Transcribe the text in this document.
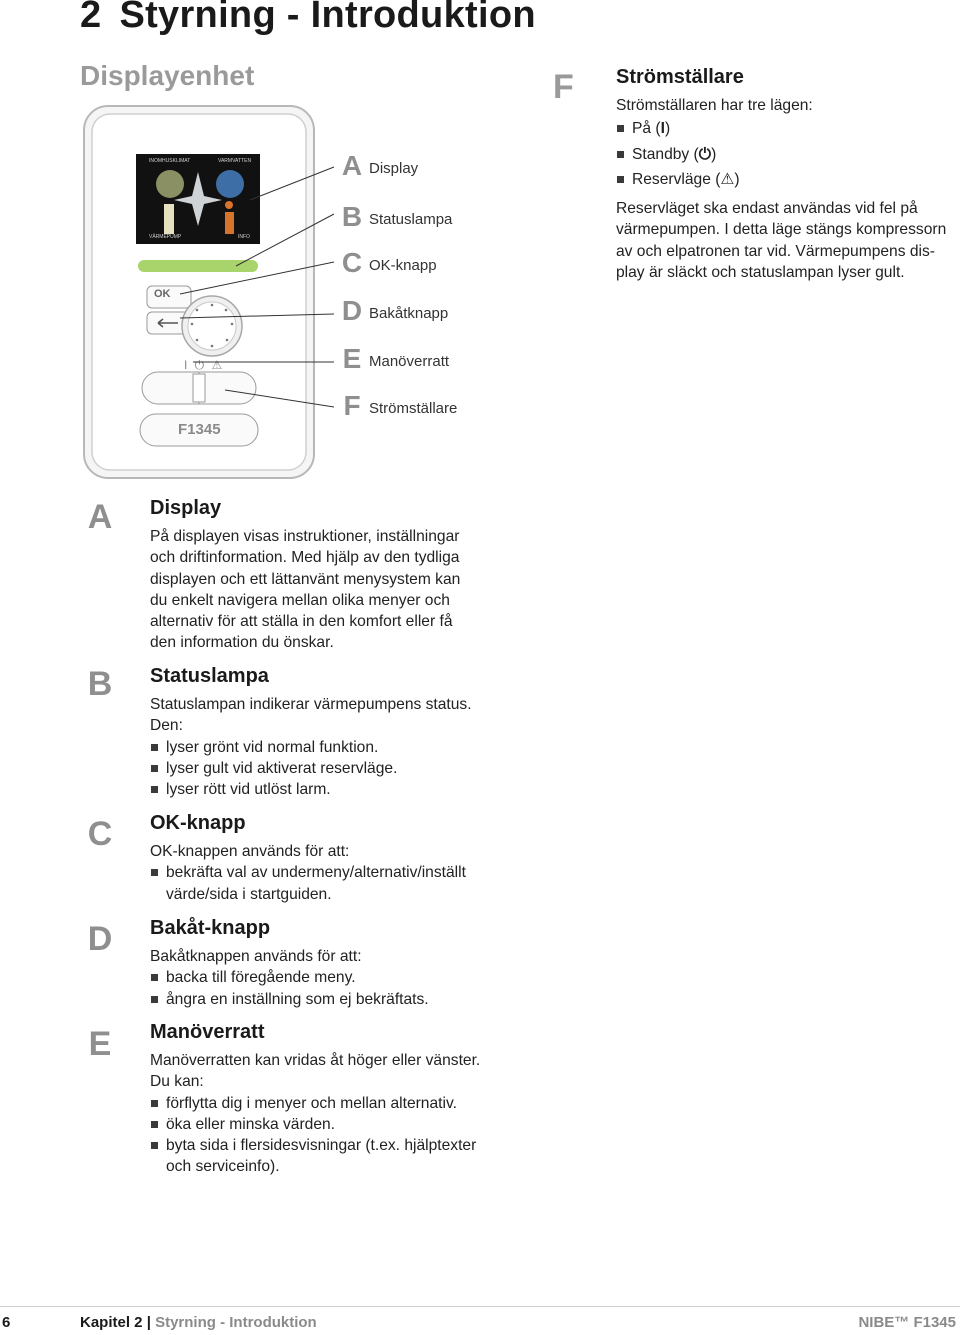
2 Styrning - Introduktion
Displayenhet
INOMHUSKLIMAT	VARMVATTEN
VÄRMEPUMP	INFO
OK
I ⏻ ⚠
F1345
A Display
B Statuslampa
C OK-knapp
D Bakåtknapp
E Manöverratt
F Strömställare
F Strömställare
Strömställaren har tre lägen:
På (I)
Standby (⏻)
Reservläge (⚠)
Reservläget ska endast användas vid fel på
värmepumpen. I detta läge stängs kompressorn
av och elpatronen tar vid. Värmepumpens dis-
play är släckt och statuslampan lyser gult.
A	Display
På displayen visas instruktioner, inställningar
och driftinformation. Med hjälp av den tydliga
displayen och ett lättanvänt menysystem kan
du enkelt navigera mellan olika menyer och
alternativ för att ställa in den komfort eller få
den information du önskar.
B	Statuslampa
Statuslampan indikerar värmepumpens status.
Den:
lyser grönt vid normal funktion.
lyser gult vid aktiverat reservläge.
lyser rött vid utlöst larm.
C	OK-knapp
OK-knappen används för att:
bekräfta val av undermeny/alternativ/inställt värde/sida i startguiden.
D	Bakåt-knapp
Bakåtknappen används för att:
backa till föregående meny.
ångra en inställning som ej bekräftats.
E	Manöverratt
Manöverratten kan vridas åt höger eller vänster.
Du kan:
förflytta dig i menyer och mellan alternativ.
öka eller minska värden.
byta sida i flersidesvisningar (t.ex. hjälptexter och serviceinfo).
6	Kapitel 2 | Styrning - Introduktion	NIBE™ F1345
